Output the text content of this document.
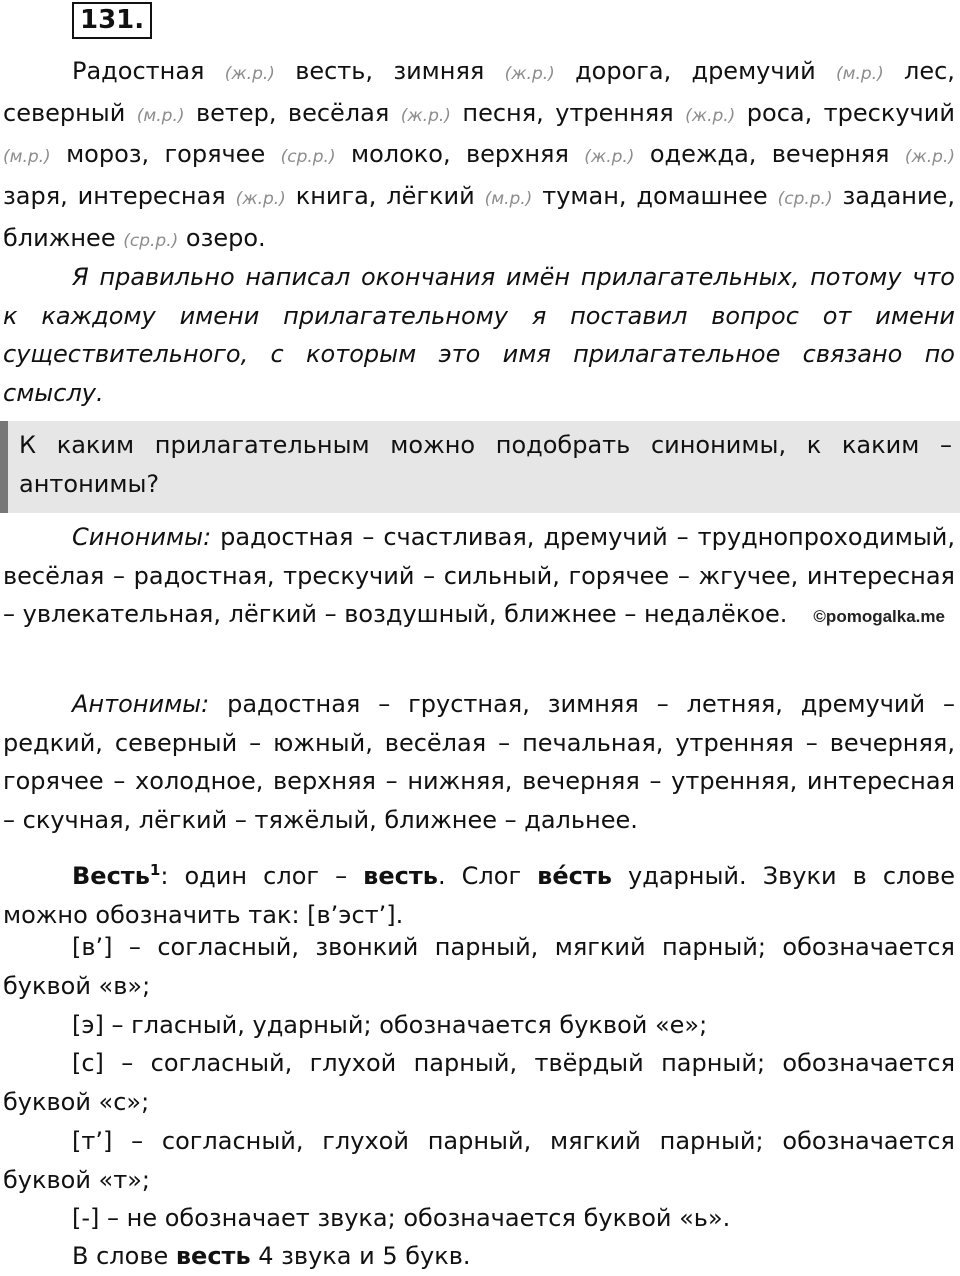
131.
Радостная (ж.р.) весть, зимняя (ж.р.) дорога, дремучий (м.р.) лес, северный (м.р.) ветер, весёлая (ж.р.) песня, утренняя (ж.р.) роса, трескучий (м.р.) мороз, горячее (ср.р.) молоко, верхняя (ж.р.) одежда, вечерняя (ж.р.) заря, интересная (ж.р.) книга, лёгкий (м.р.) туман, домашнее (ср.р.) задание, ближнее (ср.р.) озеро.
Я правильно написал окончания имён прилагательных, потому что к каждому имени прилагательному я поставил вопрос от имени существительного, с которым это имя прилагательное связано по смыслу.
К каким прилагательным можно подобрать синонимы, к каким – антонимы?
Синонимы: радостная – счастливая, дремучий – труднопроходимый, весёлая – радостная, трескучий – сильный, горячее – жгучее, интересная – увлекательная, лёгкий – воздушный, ближнее – недалёкое. ©pomogalka.me
Антонимы: радостная – грустная, зимняя – летняя, дремучий – редкий, северный – южный, весёлая – печальная, утренняя – вечерняя, горячее – холодное, верхняя – нижняя, вечерняя – утренняя, интересная – скучная, лёгкий – тяжёлый, ближнее – дальнее.
Весть$^1$: один слог – весть. Слог ве́сть ударный. Звуки в слове можно обозначить так: [в’эст’].
[в’] – согласный, звонкий парный, мягкий парный; обозначается буквой «в»;
[э] – гласный, ударный; обозначается буквой «е»;
[с] – согласный, глухой парный, твёрдый парный; обозначается буквой «с»;
[т’] – согласный, глухой парный, мягкий парный; обозначается буквой «т»;
[-] – не обозначает звука; обозначается буквой «ь».
В слове весть 4 звука и 5 букв.
